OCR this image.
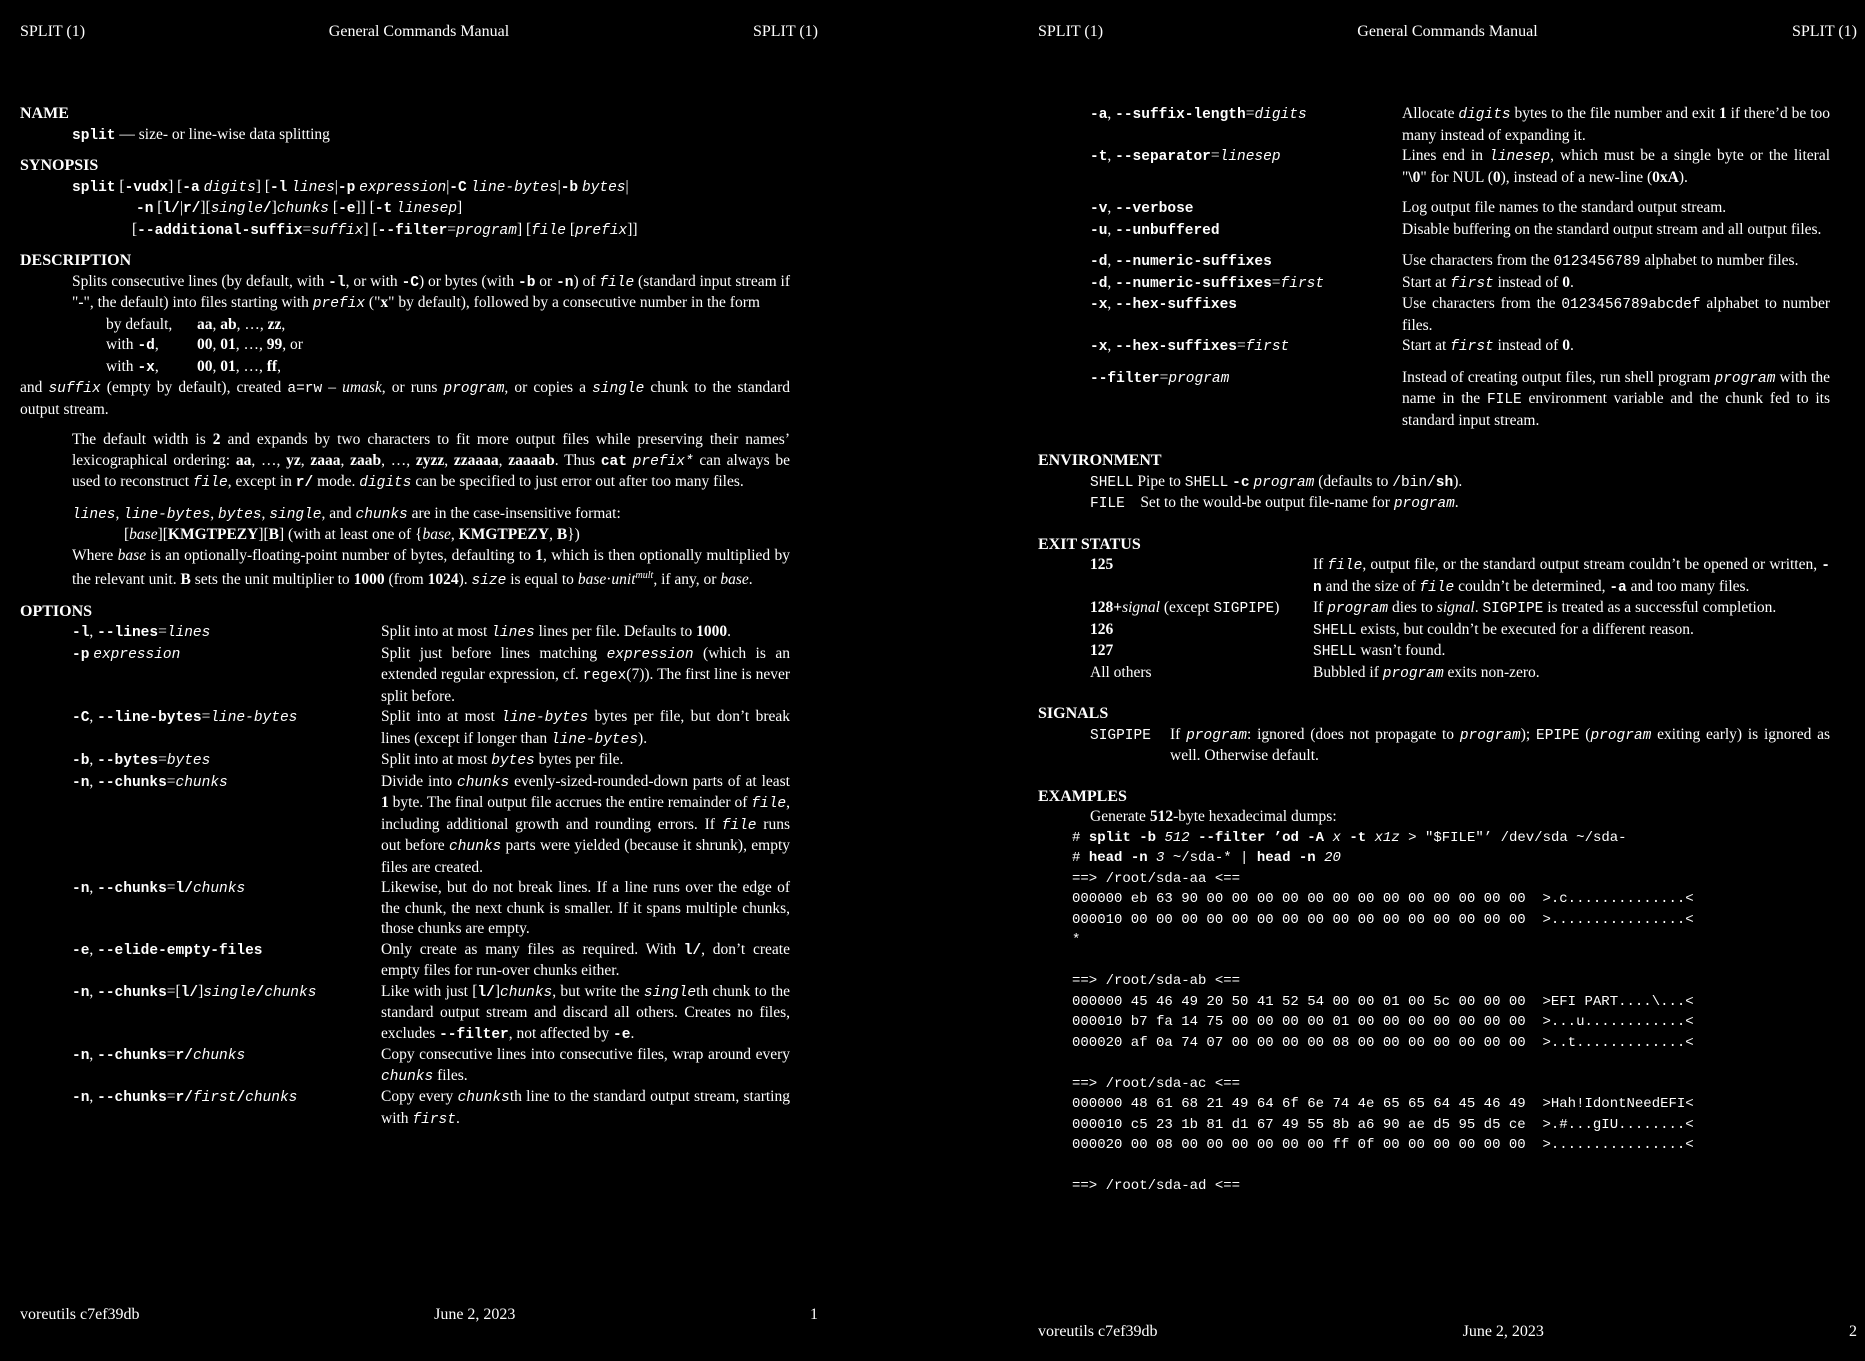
SPLIT (1)	General Commands Manual	SPLIT (1)
NAME
split — size- or line-wise data splitting
SYNOPSIS
split [-vudx] [-a digits] [-l lines|-p expression|-C line-bytes|-b bytes|
-n [l/|r/][single/]chunks [-e]] [-t linesep]
[--additional-suffix=suffix] [--filter=program] [file [prefix]]
DESCRIPTION

Splits consecutive lines (by default, with -l, or with -C) or bytes (with -b or -n) of file (standard input stream if "-", the default) into files starting with prefix ("x" by default), followed by a consecutive number in the form

by default, aa, ab, …, zz,
with -d, 00, 01, …, 99, or
with -x, 00, 01, …, ff,

and suffix (empty by default), created a=rw – umask, or runs program, or copies a single chunk to the standard output stream.

The default width is 2 and expands by two characters to fit more output files while preserving their names’ lexicographical ordering: aa, …, yz, zaaa, zaab, …, zyzz, zzaaaa, zaaaab. Thus cat prefix* can always be used to reconstruct file, except in r/ mode. digits can be specified to just error out after too many files.

lines, line-bytes, bytes, single, and chunks are in the case-insensitive format:

[base][KMGTPEZY][B] (with at least one of {base, KMGTPEZY, B})

Where base is an optionally-floating-point number of bytes, defaulting to 1, which is then optionally multiplied by the relevant unit. B sets the unit multiplier to 1000 (from 1024). size is equal to base·unit$^{mult}$, if any, or base.

OPTIONS
-l, --lines=lines	Split into at most lines lines per file. Defaults to 1000.
-p expression	Split just before lines matching expression (which is an extended regular expression, cf. regex(7)). The first line is never split before.
-C, --line-bytes=line-bytes	Split into at most line-bytes bytes per file, but don’t break lines (except if longer than line-bytes).
-b, --bytes=bytes	Split into at most bytes bytes per file.
-n, --chunks=chunks	Divide into chunks evenly-sized-rounded-down parts of at least 1 byte. The final output file accrues the entire remainder of file, including additional growth and rounding errors. If file runs out before chunks parts were yielded (because it shrunk), empty files are created.
-n, --chunks=l/chunks	Likewise, but do not break lines. If a line runs over the edge of the chunk, the next chunk is smaller. If it spans multiple chunks, those chunks are empty.
-e, --elide-empty-files	Only create as many files as required. With l/, don’t create empty files for run-over chunks either.
-n, --chunks=[l/]single/chunks	Like with just [l/]chunks, but write the singleth chunk to the standard output stream and discard all others. Creates no files, excludes --filter, not affected by -e.
-n, --chunks=r/chunks	Copy consecutive lines into consecutive files, wrap around every chunks files.
-n, --chunks=r/first/chunks	Copy every chunksth line to the standard output stream, starting with first.
voreutils c7ef39db	June 2, 2023	1
SPLIT (1)	General Commands Manual	SPLIT (1)
-a, --suffix-length=digits	Allocate digits bytes to the file number and exit 1 if there’d be too many instead of expanding it.
-t, --separator=linesep	Lines end in linesep, which must be a single byte or the literal "\0" for NUL (0), instead of a new-line (0xA).

-v, --verbose	Log output file names to the standard output stream.
-u, --unbuffered	Disable buffering on the standard output stream and all output files.

-d, --numeric-suffixes	Use characters from the 0123456789 alphabet to number files.
-d, --numeric-suffixes=first	Start at first instead of 0.
-x, --hex-suffixes	Use characters from the 0123456789abcdef alphabet to number files.
-x, --hex-suffixes=first	Start at first instead of 0.

--filter=program	Instead of creating output files, run shell program program with the name in the FILE environment variable and the chunk fed to its standard input stream.
ENVIRONMENT
SHELL Pipe to SHELL -c program (defaults to /bin/sh).
FILE    Set to the would-be output file-name for program.
EXIT STATUS
125	If file, output file, or the standard output stream couldn’t be opened or written, -n and the size of file couldn’t be determined, -a and too many files.
128+signal (except SIGPIPE)	If program dies to signal. SIGPIPE is treated as a successful completion.
126	SHELL exists, but couldn’t be executed for a different reason.
127	SHELL wasn’t found.
All others	Bubbled if program exits non-zero.
SIGNALS
SIGPIPE	If program: ignored (does not propagate to program); EPIPE (program exiting early) is ignored as well. Otherwise default.
EXAMPLES
Generate 512-byte hexadecimal dumps:
# split -b 512 --filter ’od -A x -t x1z > "$FILE"’ /dev/sda ~/sda-
# head -n 3 ~/sda-* | head -n 20
==> /root/sda-aa <==
000000 eb 63 90 00 00 00 00 00 00 00 00 00 00 00 00 00  >.c..............<
000010 00 00 00 00 00 00 00 00 00 00 00 00 00 00 00 00  >................<
*

==> /root/sda-ab <==
000000 45 46 49 20 50 41 52 54 00 00 01 00 5c 00 00 00  >EFI PART....\...<
000010 b7 fa 14 75 00 00 00 00 01 00 00 00 00 00 00 00  >...u............<
000020 af 0a 74 07 00 00 00 00 08 00 00 00 00 00 00 00  >..t.............<

==> /root/sda-ac <==
000000 48 61 68 21 49 64 6f 6e 74 4e 65 65 64 45 46 49  >Hah!IdontNeedEFI<
000010 c5 23 1b 81 d1 67 49 55 8b a6 90 ae d5 95 d5 ce  >.#...gIU........<
000020 00 08 00 00 00 00 00 00 ff 0f 00 00 00 00 00 00  >................<

==> /root/sda-ad <==
voreutils c7ef39db	June 2, 2023	2
